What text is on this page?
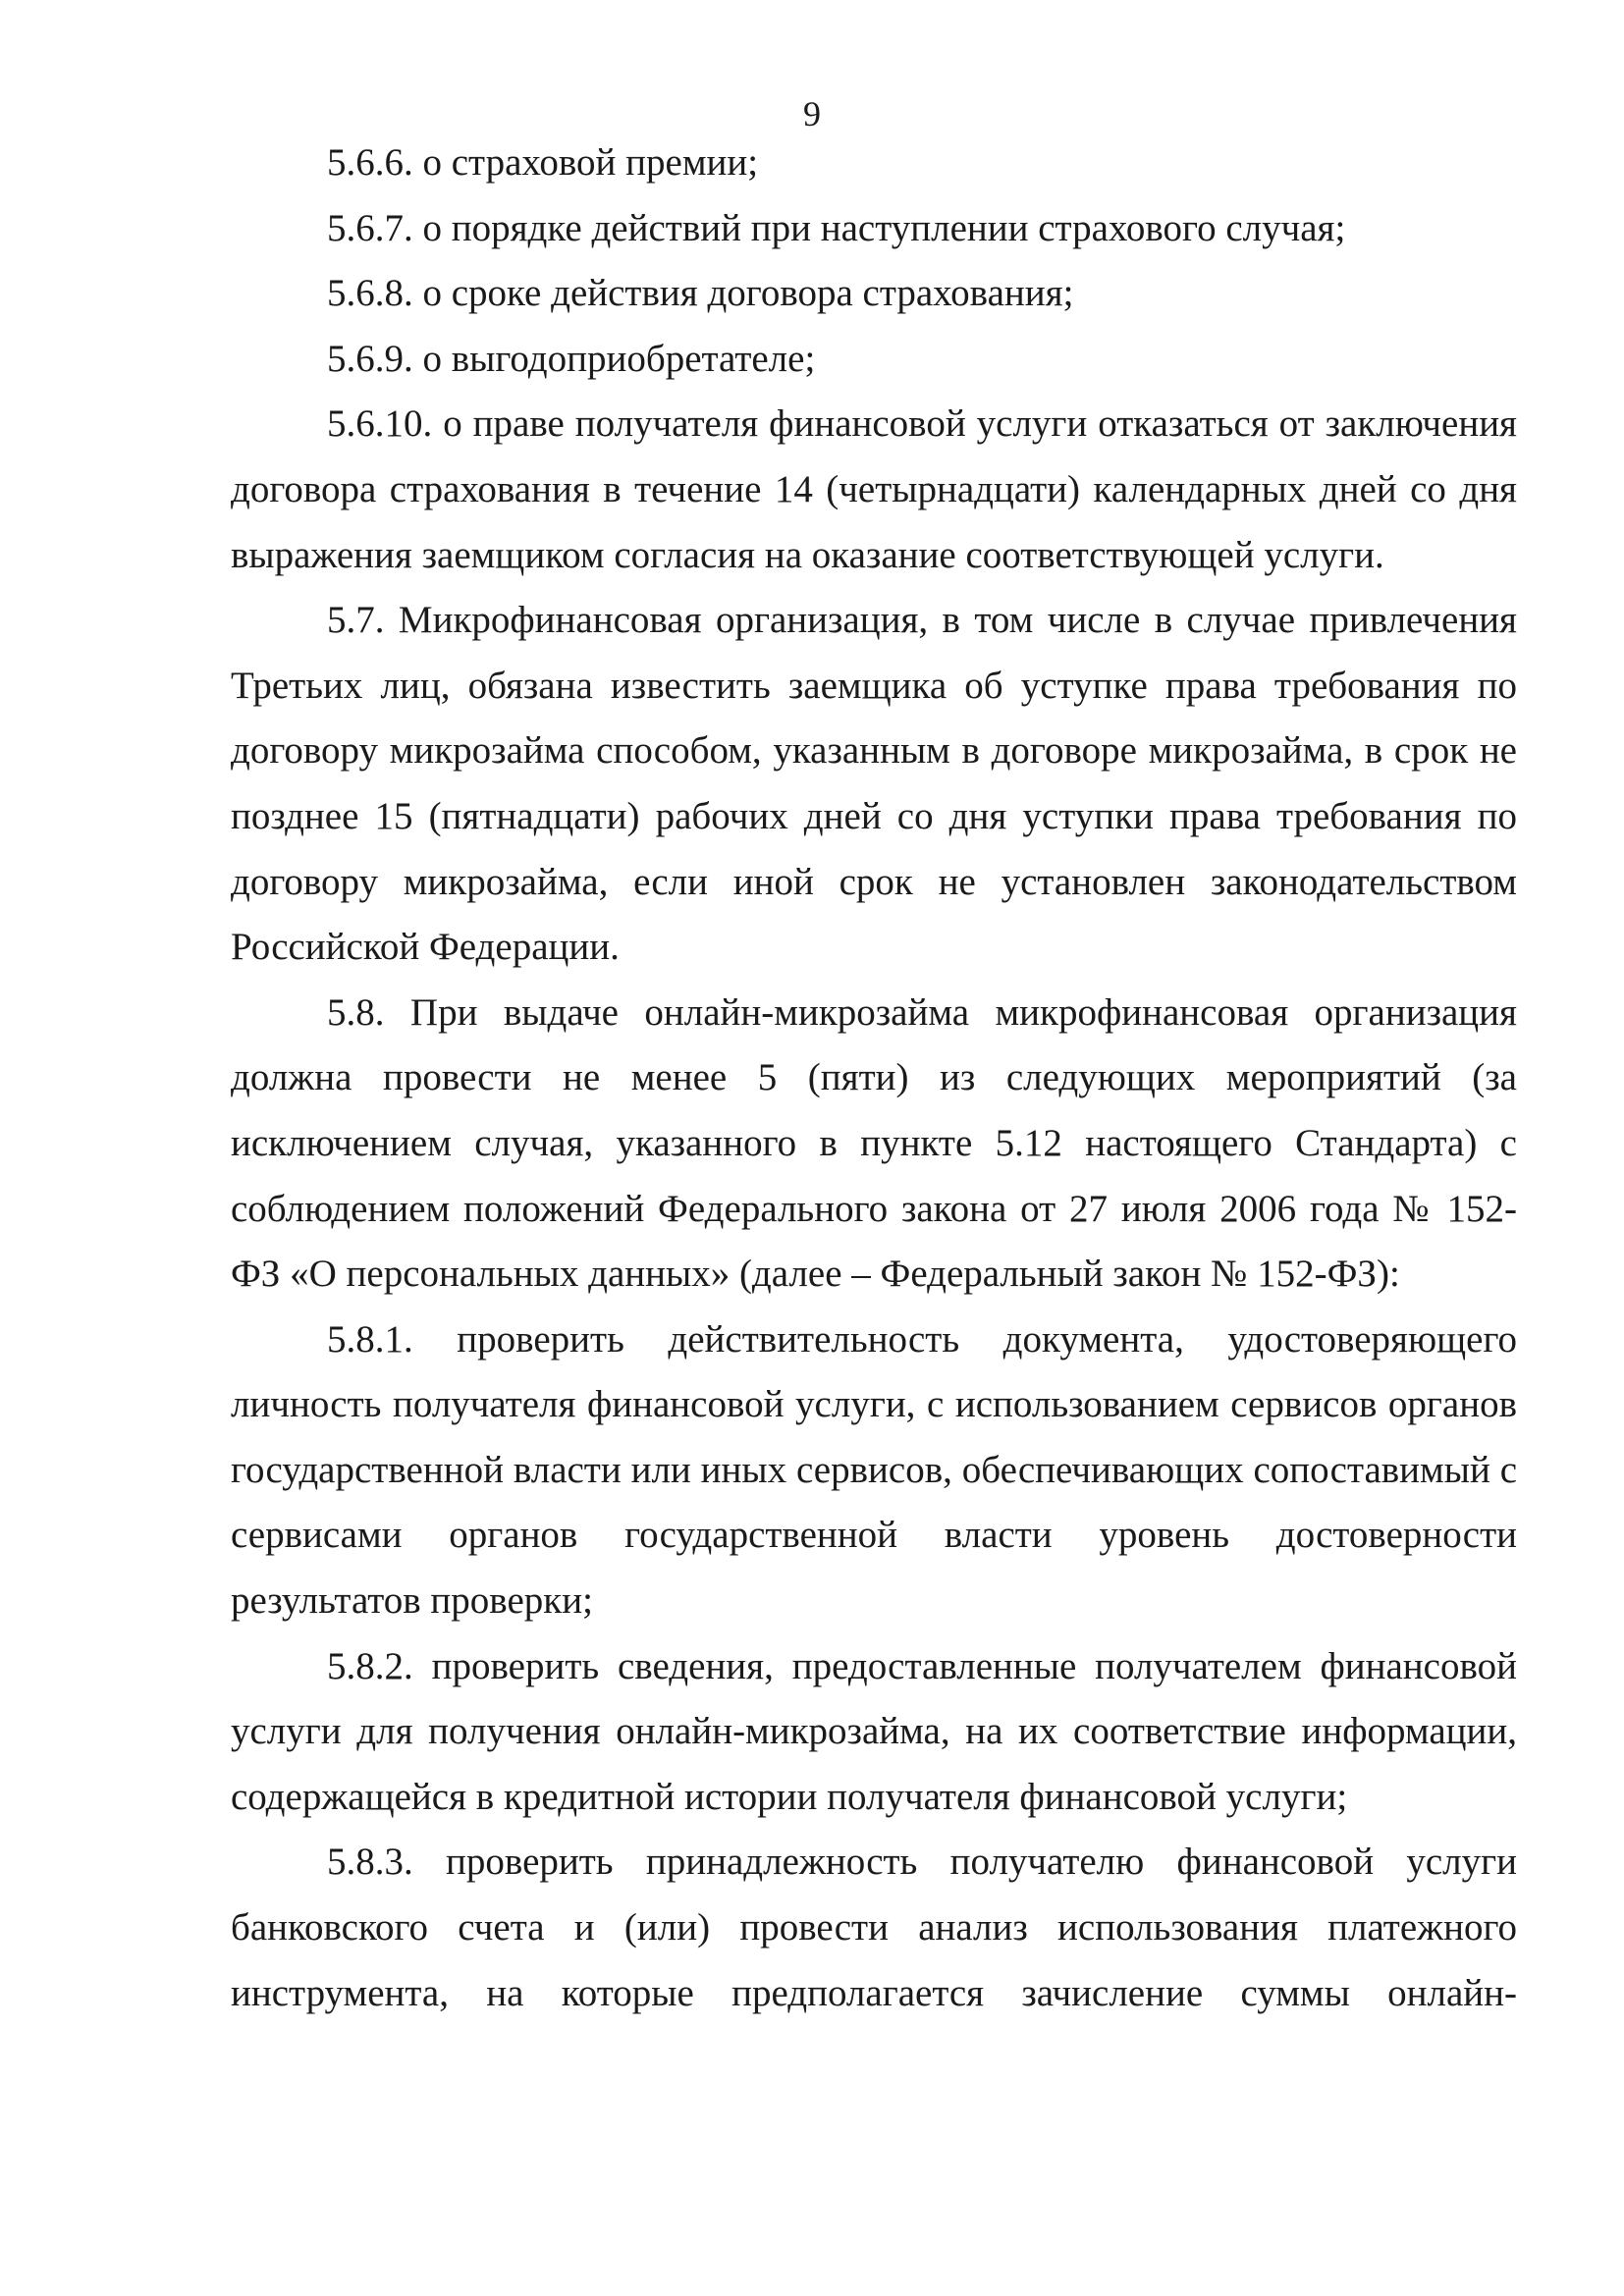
9

5.6.6. о страховой премии;

5.6.7. о порядке действий при наступлении страхового случая;

5.6.8. о сроке действия договора страхования;

5.6.9. о выгодоприобретателе;

5.6.10. о праве получателя финансовой услуги отказаться от заключения договора страхования в течение 14 (четырнадцати) календарных дней со дня выражения заемщиком согласия на оказание соответствующей услуги.

5.7. Микрофинансовая организация, в том числе в случае привлечения Третьих лиц, обязана известить заемщика об уступке права требования по договору микрозайма способом, указанным в договоре микрозайма, в срок не позднее 15 (пятнадцати) рабочих дней со дня уступки права требования по договору микрозайма, если иной срок не установлен законодательством Российской Федерации.

5.8. При выдаче онлайн-микрозайма микрофинансовая организация должна провести не менее 5 (пяти) из следующих мероприятий (за исключением случая, указанного в пункте 5.12 настоящего Стандарта) с соблюдением положений Федерального закона от 27 июля 2006 года № 152-ФЗ «О персональных данных» (далее – Федеральный закон № 152-ФЗ):

5.8.1. проверить действительность документа, удостоверяющего личность получателя финансовой услуги, с использованием сервисов органов государственной власти или иных сервисов, обеспечивающих сопоставимый с сервисами органов государственной власти уровень достоверности результатов проверки;

5.8.2. проверить сведения, предоставленные получателем финансовой услуги для получения онлайн-микрозайма, на их соответствие информации, содержащейся в кредитной истории получателя финансовой услуги;

5.8.3. проверить принадлежность получателю финансовой услуги банковского счета и (или) провести анализ использования платежного инструмента, на которые предполагается зачисление суммы онлайн-
